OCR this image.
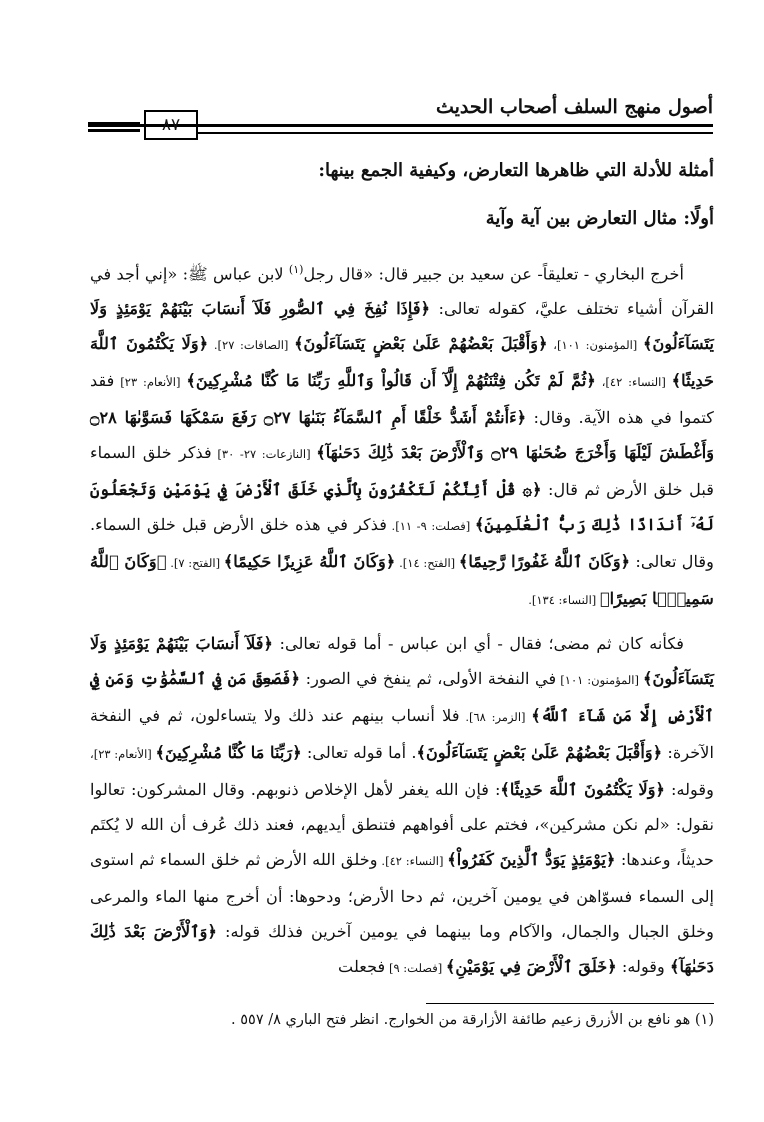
أصول منهج السلف أصحاب الحديث
٨٧
أمثلة للأدلة التي ظاهرها التعارض، وكيفية الجمع بينها:
أولًا: مثال التعارض بين آية وآية

أخرج البخاري - تعليقاً- عن سعيد بن جبير قال: «قال رجل$^{(١)}$ لابن عباس ﷺ: «إني أجد في القرآن أشياء تختلف عليَّ، كقوله تعالى: ﴿فَإِذَا نُفِخَ فِي ٱلصُّورِ فَلَآ أَنسَابَ بَيْنَهُمْ يَوْمَئِذٍ وَلَا يَتَسَآءَلُونَ﴾ [المؤمنون: ١٠١]، ﴿وَأَقْبَلَ بَعْضُهُمْ عَلَىٰ بَعْضٍ يَتَسَآءَلُونَ﴾ [الصافات: ٢٧]. ﴿وَلَا يَكْتُمُونَ ٱللَّهَ حَدِيثًا﴾ [النساء: ٤٢]، ﴿ثُمَّ لَمْ تَكُن فِتْنَتُهُمْ إِلَّآ أَن قَالُواْ وَٱللَّهِ رَبِّنَا مَا كُنَّا مُشْرِكِينَ﴾ [الأنعام: ٢٣] فقد كتموا في هذه الآية. وقال: ﴿ءَأَنتُمْ أَشَدُّ خَلْقًا أَمِ ٱلسَّمَآءُ بَنَىٰهَا ۝٢٧ رَفَعَ سَمْكَهَا فَسَوَّىٰهَا ۝٢٨ وَأَغْطَشَ لَيْلَهَا وَأَخْرَجَ ضُحَىٰهَا ۝٢٩ وَٱلْأَرْضَ بَعْدَ ذَٰلِكَ دَحَىٰهَآ﴾ [النازعات: ٢٧- ٣٠] فذكر خلق السماء قبل خلق الأرض ثم قال: ﴿۞ قُلْ أَئِنَّكُمْ لَتَكْفُرُونَ بِٱلَّذِي خَلَقَ ٱلْأَرْضَ فِي يَوْمَيْنِ وَتَجْعَلُونَ لَهُۥٓ أَندَادًا ذَٰلِكَ رَبُّ ٱلْعَٰلَمِينَ﴾ [فصلت: ٩- ١١]. فذكر في هذه خلق الأرض قبل خلق السماء. وقال تعالى: ﴿وَكَانَ ٱللَّهُ غَفُورًا رَّحِيمًا﴾ [الفتح: ١٤]. ﴿وَكَانَ ٱللَّهُ عَزِيزًا حَكِيمًا﴾ [الفتح: ٧]. ﴿وَكَانَ ٱللَّهُ سَمِيعًۢا بَصِيرًا﴾ [النساء: ١٣٤].

فكأنه كان ثم مضى؛ فقال - أي ابن عباس - أما قوله تعالى: ﴿فَلَآ أَنسَابَ بَيْنَهُمْ يَوْمَئِذٍ وَلَا يَتَسَآءَلُونَ﴾ [المؤمنون: ١٠١] في النفخة الأولى، ثم ينفخ في الصور: ﴿فَصَعِقَ مَن فِي ٱلسَّمَٰوَٰتِ وَمَن فِي ٱلْأَرْضِ إِلَّا مَن شَآءَ ٱللَّهُ﴾ [الزمر: ٦٨]. فلا أنساب بينهم عند ذلك ولا يتساءلون، ثم في النفخة الآخرة: ﴿وَأَقْبَلَ بَعْضُهُمْ عَلَىٰ بَعْضٍ يَتَسَآءَلُونَ﴾. أما قوله تعالى: ﴿رَبِّنَا مَا كُنَّا مُشْرِكِينَ﴾ [الأنعام: ٢٣]، وقوله: ﴿وَلَا يَكْتُمُونَ ٱللَّهَ حَدِيثًا﴾: فإن الله يغفر لأهل الإخلاص ذنوبهم. وقال المشركون: تعالوا نقول: «لم نكن مشركين»، فختم على أفواههم فتنطق أيديهم، فعند ذلك عُرف أن الله لا يُكتَم حديثاً، وعندها: ﴿يَوْمَئِذٍ يَوَدُّ ٱلَّذِينَ كَفَرُواْ﴾ [النساء: ٤٢]. وخلق الله الأرض ثم خلق السماء ثم استوى إلى السماء فسوّاهن في يومين آخرين، ثم دحا الأرض؛ ودحوها: أن أخرج منها الماء والمرعى وخلق الجبال والجمال، والآكام وما بينهما في يومين آخرين فذلك قوله: ﴿وَٱلْأَرْضَ بَعْدَ ذَٰلِكَ دَحَىٰهَآ﴾ وقوله: ﴿خَلَقَ ٱلْأَرْضَ فِي يَوْمَيْنِ﴾ [فصلت: ٩] فجعلت

(١) هو نافع بن الأزرق زعيم طائفة الأزارقة من الخوارج. انظر فتح الباري ٨/ ٥٥٧ .
